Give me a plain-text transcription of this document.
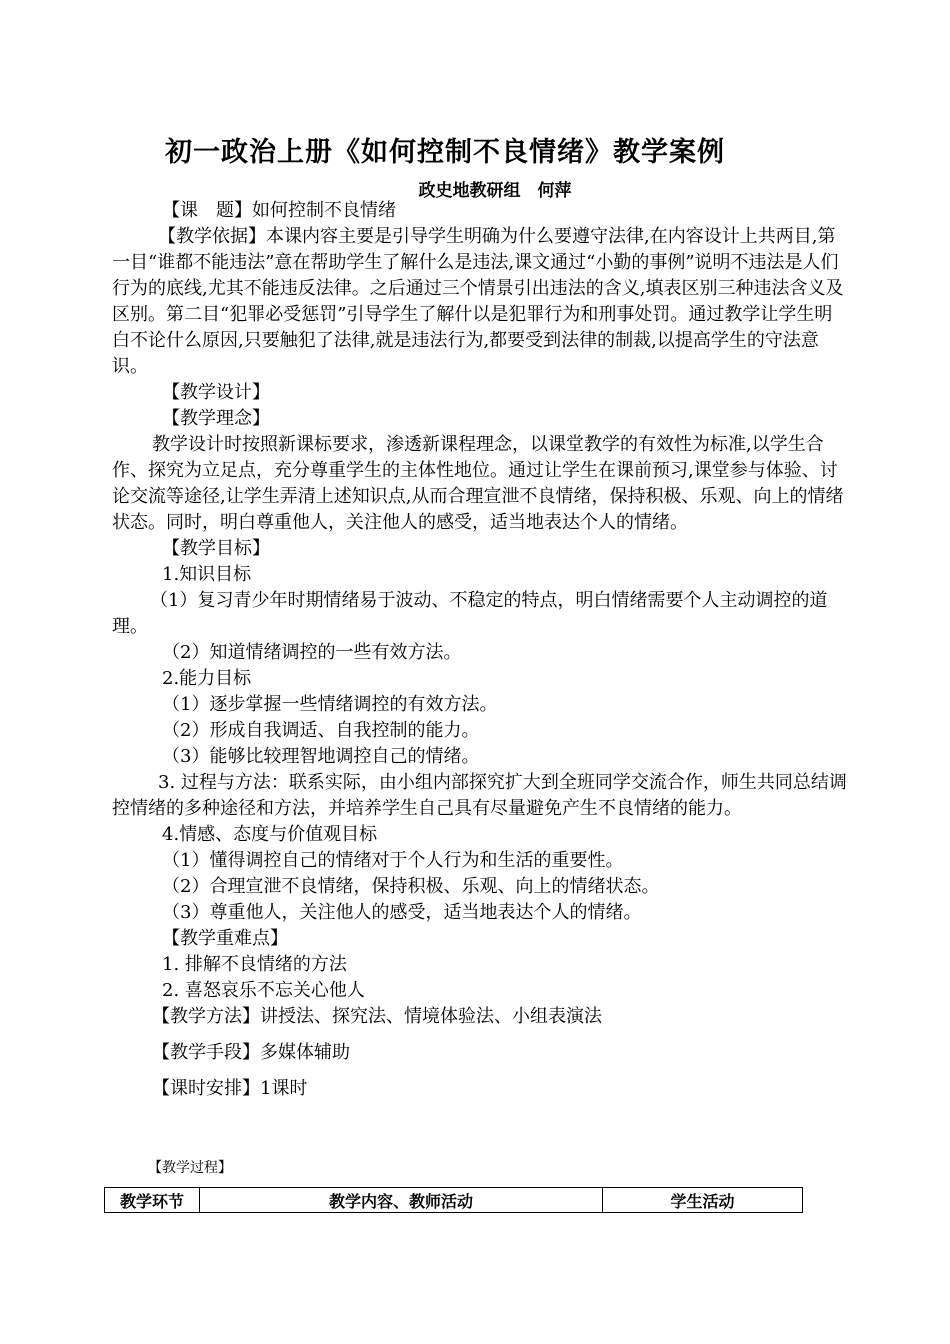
初一政治上册《如何控制不良情绪》教学案例
政史地教研组　何萍

【课　题】如何控制不良情绪

【教学依据】本课内容主要是引导学生明确为什么要遵守法律,在内容设计上共两目,第一目“谁都不能违法”意在帮助学生了解什么是违法,课文通过“小勤的事例”说明不违法是人们行为的底线,尤其不能违反法律。之后通过三个情景引出违法的含义,填表区别三种违法含义及区别。第二目“犯罪必受惩罚”引导学生了解什以是犯罪行为和刑事处罚。通过教学让学生明白不论什么原因,只要触犯了法律,就是违法行为,都要受到法律的制裁,以提高学生的守法意识。

【教学设计】

【教学理念】

教学设计时按照新课标要求，渗透新课程理念，以课堂教学的有效性为标准,以学生合作、探究为立足点，充分尊重学生的主体性地位。通过让学生在课前预习,课堂参与体验、讨论交流等途径,让学生弄清上述知识点,从而合理宣泄不良情绪，保持积极、乐观、向上的情绪状态。同时，明白尊重他人，关注他人的感受，适当地表达个人的情绪。

【教学目标】

1.知识目标

（1）复习青少年时期情绪易于波动、不稳定的特点，明白情绪需要个人主动调控的道理。

（2）知道情绪调控的一些有效方法。

2.能力目标

（1）逐步掌握一些情绪调控的有效方法。

（2）形成自我调适、自我控制的能力。

（3）能够比较理智地调控自己的情绪。

3. 过程与方法：联系实际，由小组内部探究扩大到全班同学交流合作，师生共同总结调控情绪的多种途径和方法，并培养学生自己具有尽量避免产生不良情绪的能力。

4.情感、态度与价值观目标

（1）懂得调控自己的情绪对于个人行为和生活的重要性。

（2）合理宣泄不良情绪，保持积极、乐观、向上的情绪状态。

（3）尊重他人，关注他人的感受，适当地表达个人的情绪。

【教学重难点】

1. 排解不良情绪的方法

2. 喜怒哀乐不忘关心他人

【教学方法】讲授法、探究法、情境体验法、小组表演法

【教学手段】多媒体辅助

【课时安排】1课时

【教学过程】
教学环节	教学内容、教师活动	学生活动
